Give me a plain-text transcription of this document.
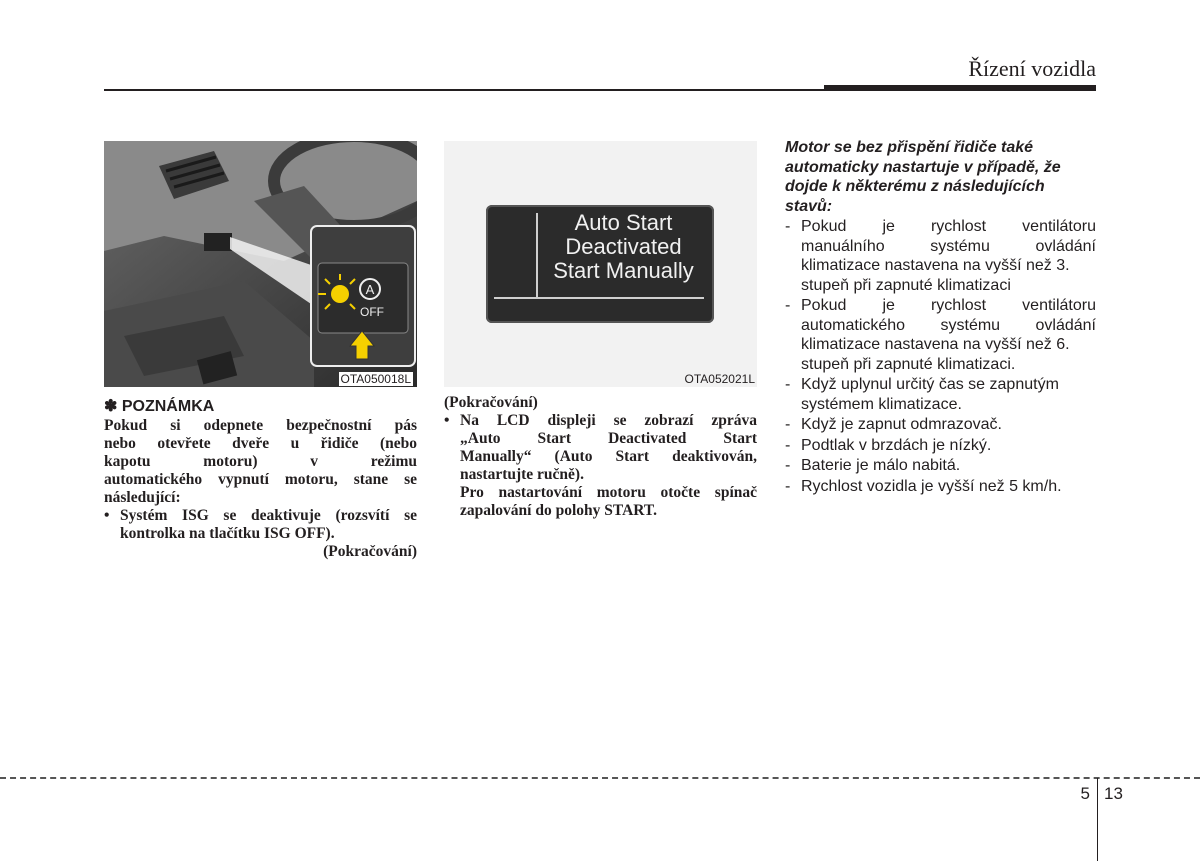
Řízení vozidla
A
OFF
OTA050018L
Auto Start
Deactivated
Start Manually
OTA052021L
✽ POZNÁMKA
Pokud si odepnete bezpečnostní pás
nebo otevřete dveře u řidiče (nebo
kapotu motoru) v režimu
automatického vypnutí motoru, stane se
následující:
• Systém ISG se deaktivuje (rozsvítí se
kontrolka na tlačítku ISG OFF).
(Pokračování)
(Pokračování)
• Na LCD displeji se zobrazí zpráva
„Auto Start Deactivated Start
Manually“ (Auto Start deaktivován,
nastartujte ručně).
Pro nastartování motoru otočte spínač
zapalování do polohy START.
Motor se bez přispění řidiče také
automaticky nastartuje v případě, že
dojde k některému z následujících
stavů:
- Pokud je rychlost ventilátoru
manuálního systému ovládání
klimatizace nastavena na vyšší než 3.
stupeň při zapnuté klimatizaci
- Pokud je rychlost ventilátoru
automatického systému ovládání
klimatizace nastavena na vyšší než 6.
stupeň při zapnuté klimatizaci.
- Když uplynul určitý čas se zapnutým
systémem klimatizace.
- Když je zapnut odmrazovač.
- Podtlak v brzdách je nízký.
- Baterie je málo nabitá.
- Rychlost vozidla je vyšší než 5 km/h.
5 13
